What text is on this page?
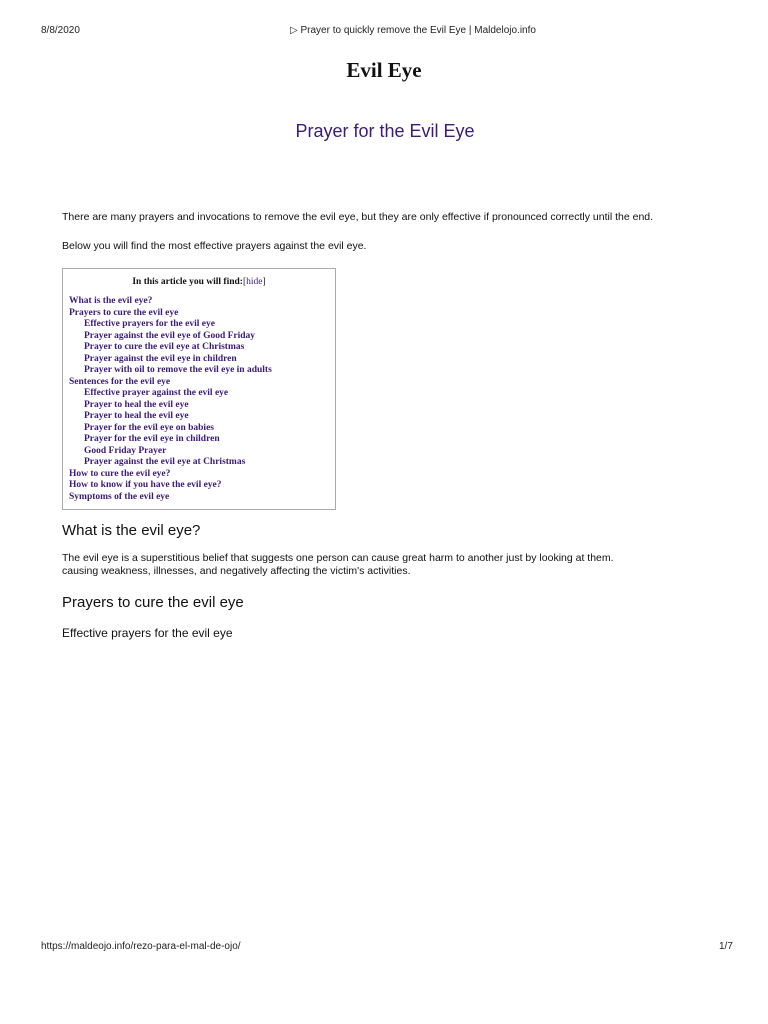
8/8/2020	▷ Prayer to quickly remove the Evil Eye | Maldelojo.info
Evil Eye
Prayer for the Evil Eye
There are many prayers and invocations to remove the evil eye, but they are only effective if pronounced correctly until the end.
Below you will find the most effective prayers against the evil eye.
In this article you will find:[hide]
What is the evil eye?
Prayers to cure the evil eye
Effective prayers for the evil eye
Prayer against the evil eye of Good Friday
Prayer to cure the evil eye at Christmas
Prayer against the evil eye in children
Prayer with oil to remove the evil eye in adults
Sentences for the evil eye
Effective prayer against the evil eye
Prayer to heal the evil eye
Prayer to heal the evil eye
Prayer for the evil eye on babies
Prayer for the evil eye in children
Good Friday Prayer
Prayer against the evil eye at Christmas
How to cure the evil eye?
How to know if you have the evil eye?
Symptoms of the evil eye
What is the evil eye?
The evil eye is a superstitious belief that suggests one person can cause great harm to another just by looking at them.
causing weakness, illnesses, and negatively affecting the victim's activities.
Prayers to cure the evil eye
Effective prayers for the evil eye
https://maldeojo.info/rezo-para-el-mal-de-ojo/	1/7
